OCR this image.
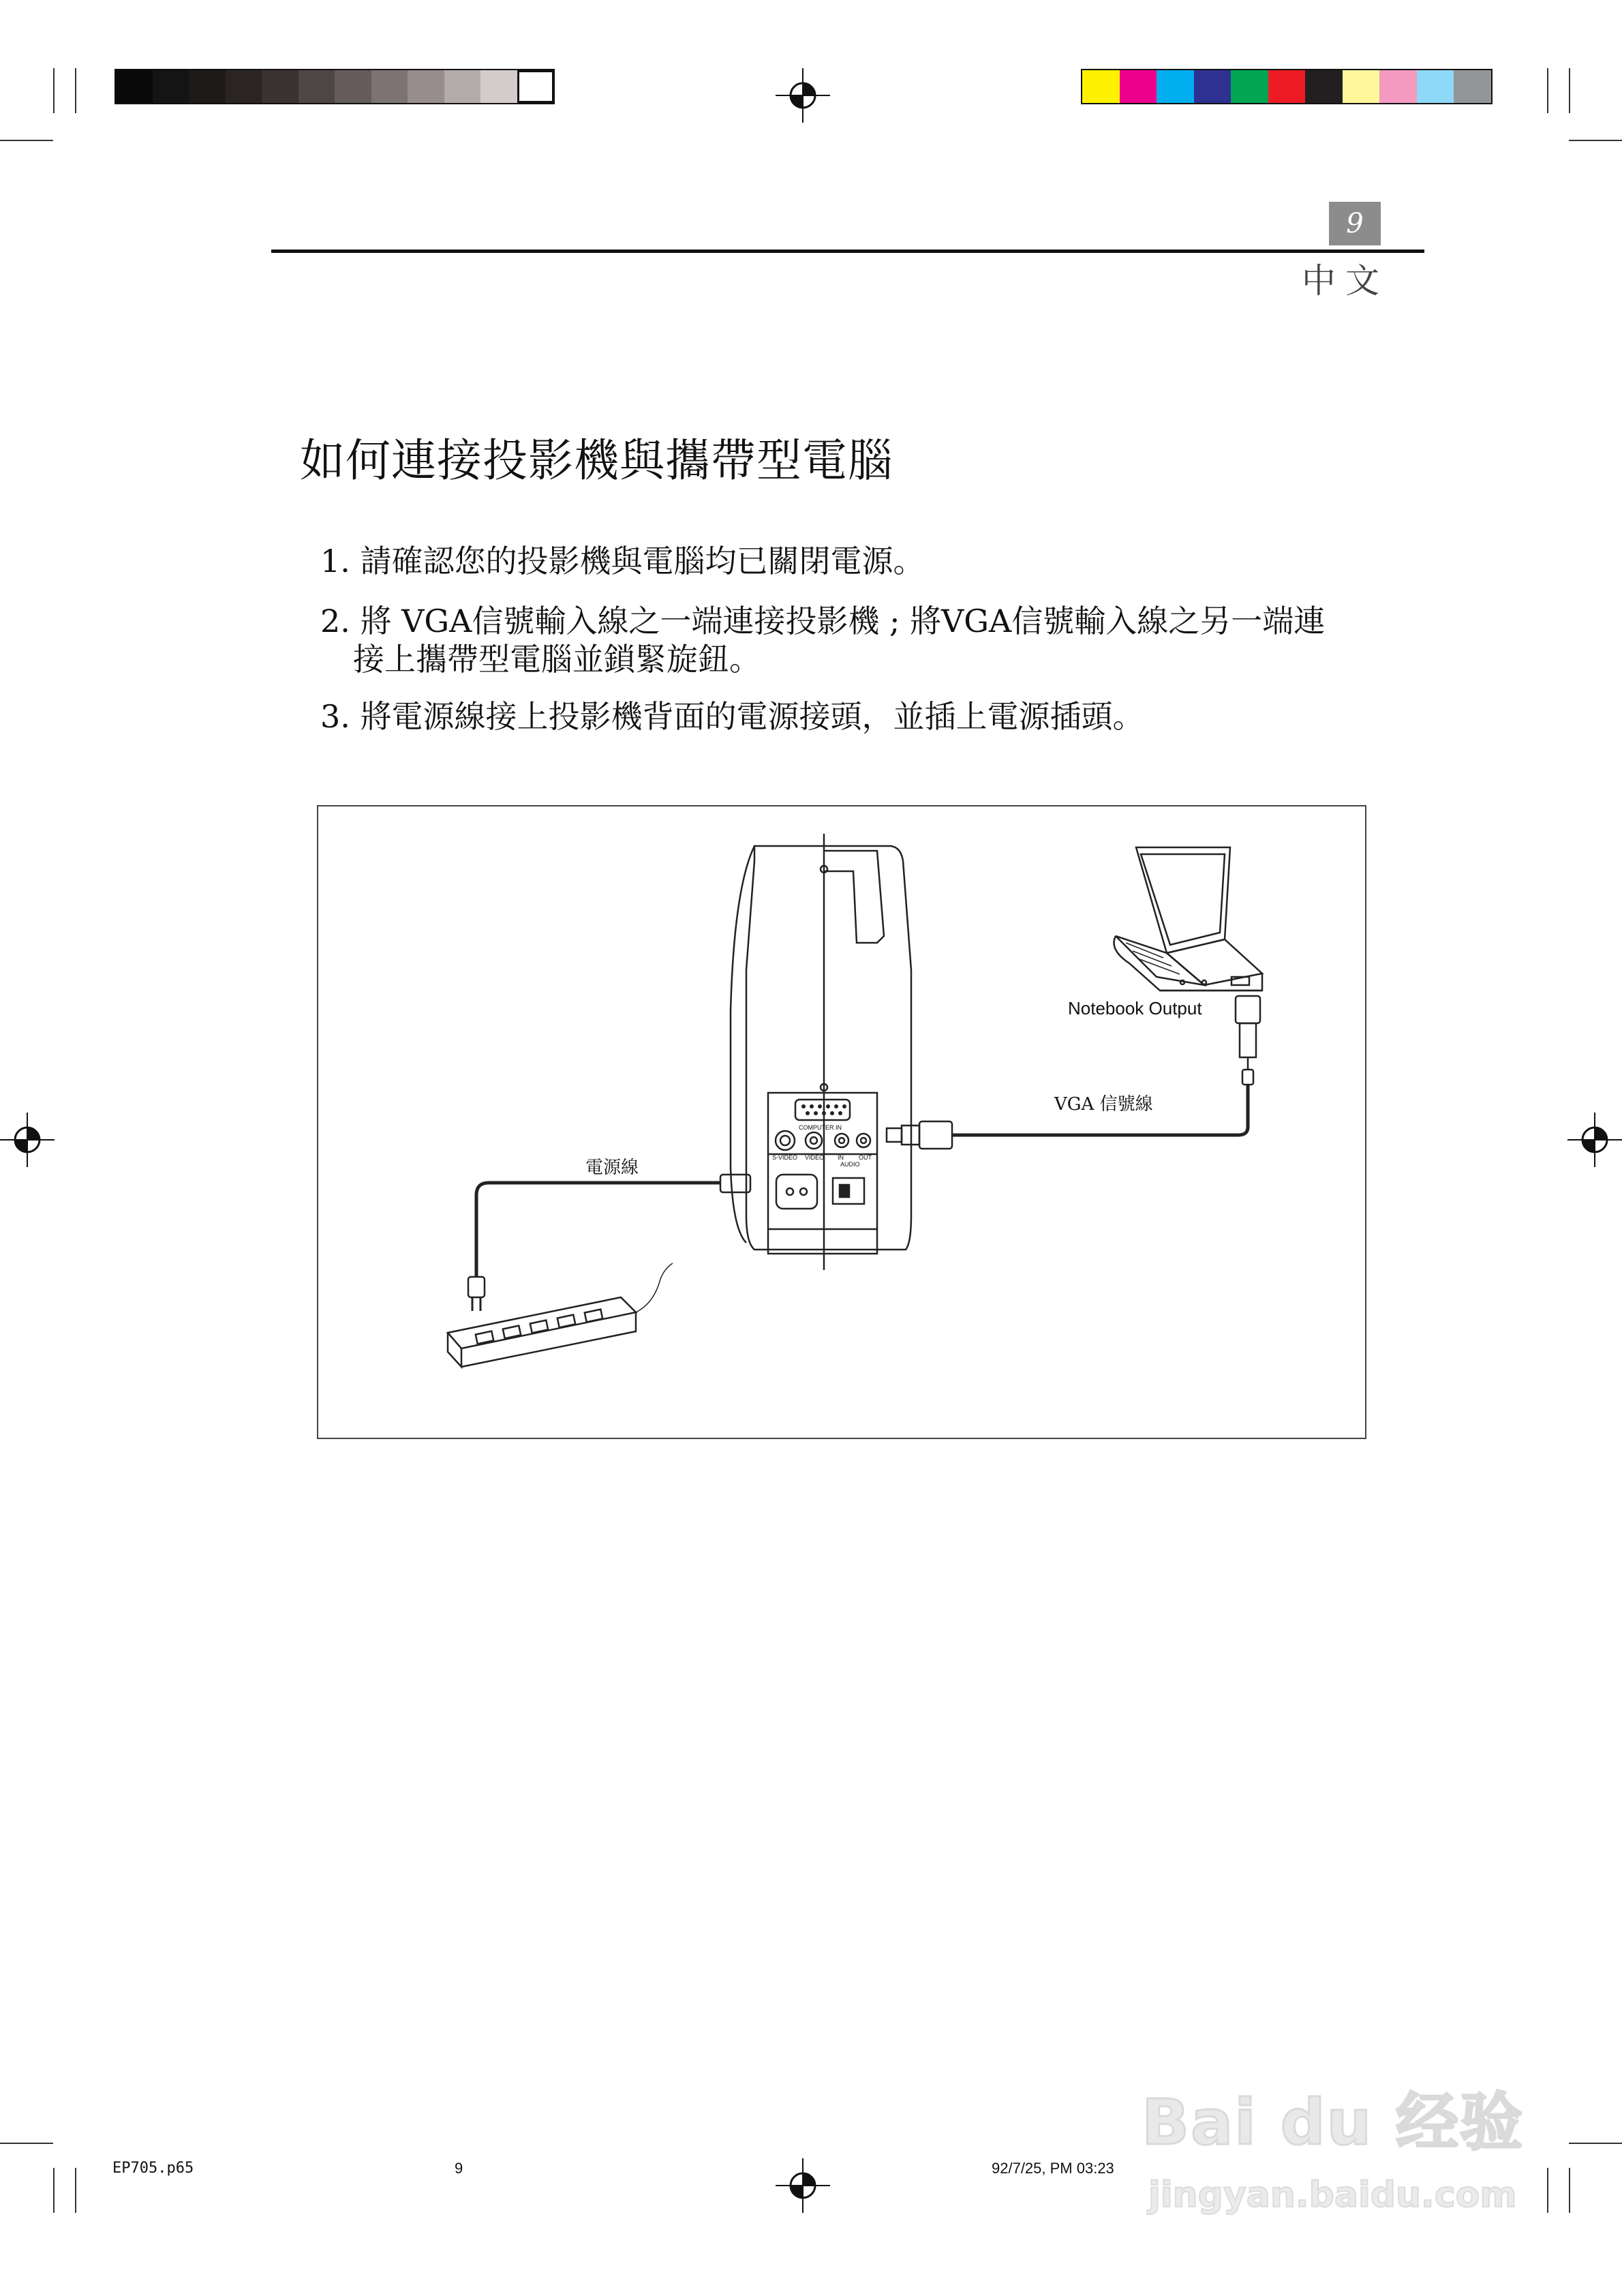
9
中文
如何連接投影機與攜帶型電腦
1. 請確認您的投影機與電腦均已關閉電源。
2. 將 VGA信號輸入線之一端連接投影機 ; 將VGA信號輸入線之另一端連
接上攜帶型電腦並鎖緊旋鈕。
3. 將電源線接上投影機背面的電源接頭，並插上電源插頭。
Notebook Output
VGA 信號線
電源線
COMPUTER IN
S-VIDEO VIDEO IN OUT
AUDIO
EP705.p65	9	92/7/25, PM 03:23
Bai du 经验
jingyan.baidu.com
